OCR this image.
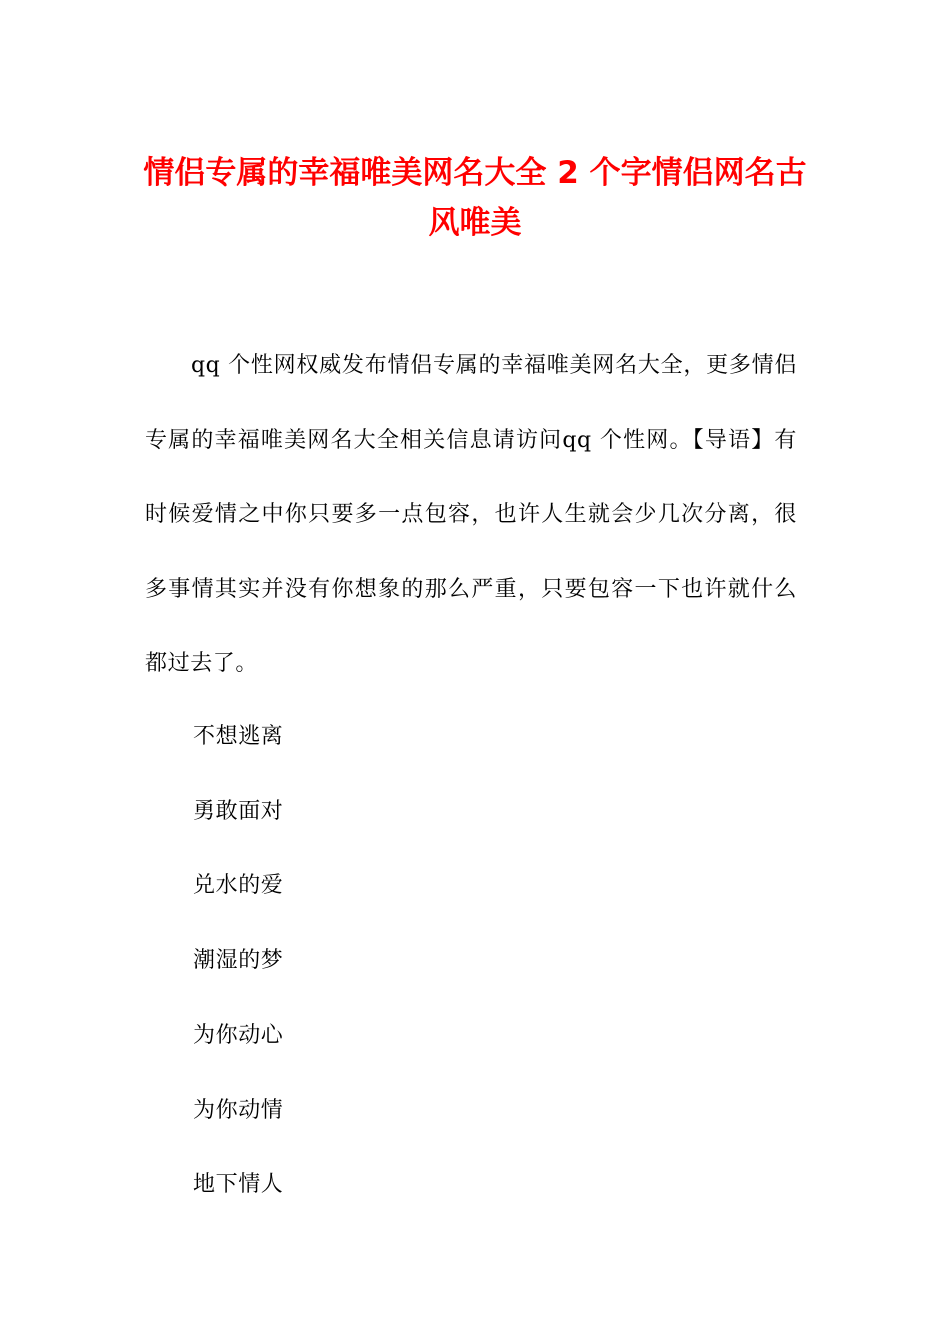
情侣专属的幸福唯美网名大全 2 个字情侣网名古风唯美

qq 个性网权威发布情侣专属的幸福唯美网名大全，更多情侣专属的幸福唯美网名大全相关信息请访问qq 个性网。【导语】有时候爱情之中你只要多一点包容，也许人生就会少几次分离，很多事情其实并没有你想象的那么严重，只要包容一下也许就什么都过去了。

不想逃离
勇敢面对
兑水的爱
潮湿的梦
为你动心
为你动情
地下情人
